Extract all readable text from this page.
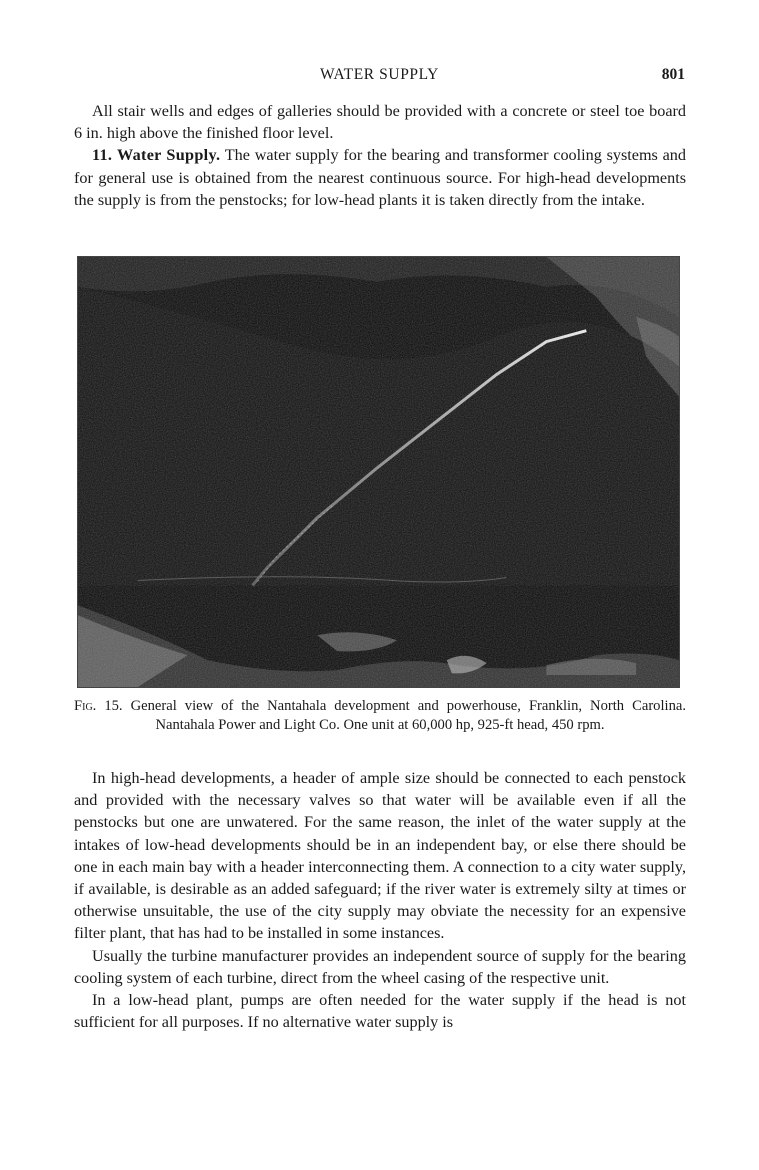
WATER SUPPLY	801

All stair wells and edges of galleries should be provided with a concrete or steel toe board 6 in. high above the finished floor level.

11. Water Supply. The water supply for the bearing and transformer cooling systems and for general use is obtained from the nearest continuous source. For high-head developments the supply is from the penstocks; for low-head plants it is taken directly from the intake.

Fig. 15. General view of the Nantahala development and powerhouse, Franklin, North Carolina. Nantahala Power and Light Co. One unit at 60,000 hp, 925-ft head, 450 rpm.

In high-head developments, a header of ample size should be connected to each penstock and provided with the necessary valves so that water will be available even if all the penstocks but one are unwatered. For the same reason, the inlet of the water supply at the intakes of low-head developments should be in an independent bay, or else there should be one in each main bay with a header interconnecting them. A connection to a city water supply, if available, is desirable as an added safeguard; if the river water is extremely silty at times or otherwise unsuitable, the use of the city supply may obviate the necessity for an expensive filter plant, that has had to be installed in some instances.

Usually the turbine manufacturer provides an independent source of supply for the bearing cooling system of each turbine, direct from the wheel casing of the respective unit.

In a low-head plant, pumps are often needed for the water supply if the head is not sufficient for all purposes. If no alternative water supply is
